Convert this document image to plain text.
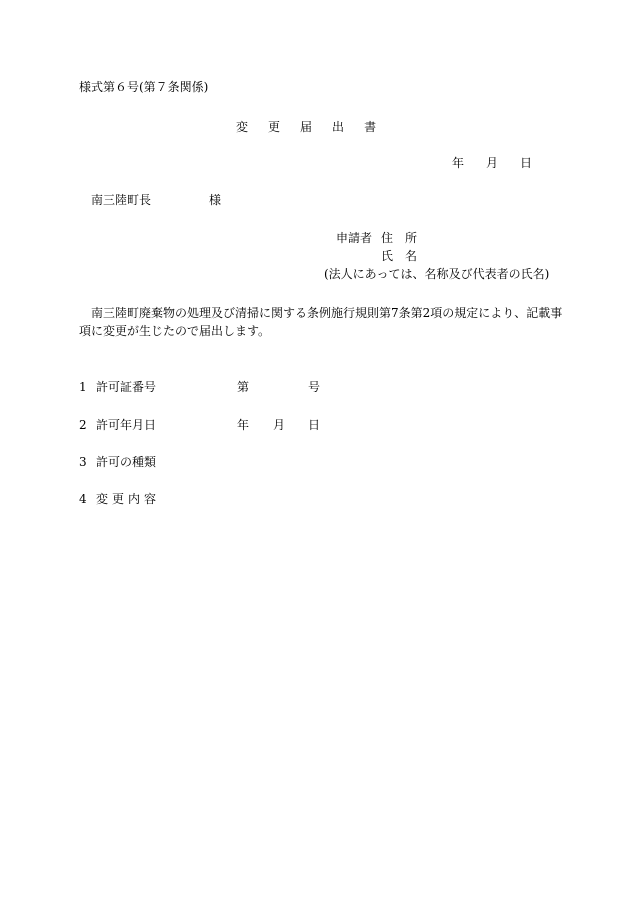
様式第６号(第７条関係)
変 更 届 出 書
年 月 日
南三陸町長	様
申請者 住　所
氏　名
(法人にあっては、名称及び代表者の氏名)
南三陸町廃棄物の処理及び清掃に関する条例施行規則第7条第2項の規定により、記載事
項に変更が生じたので届出します。
1 許可証番号	第	号
2 許可年月日	年 月 日
3 許可の種類
4 変更内容
